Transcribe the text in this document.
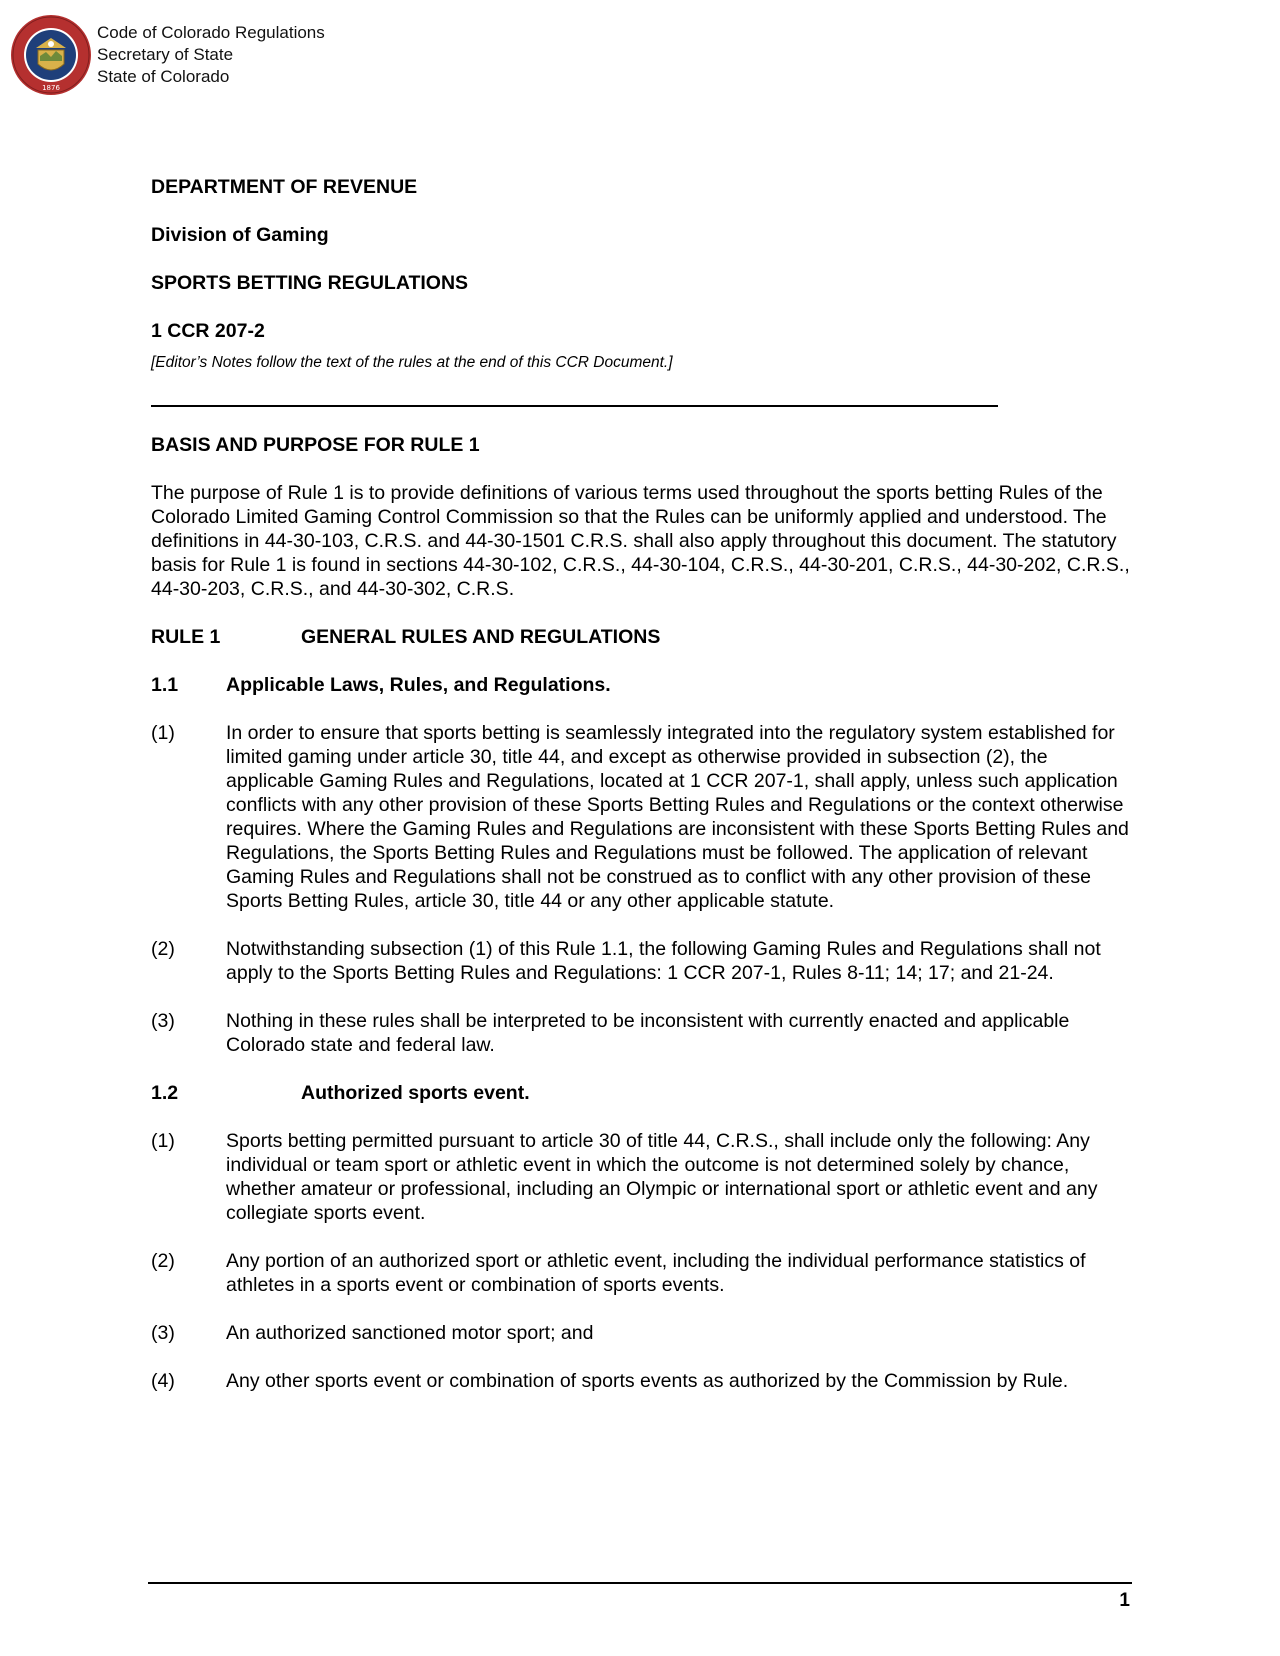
STATE OF COLORADO
1876
Code of Colorado Regulations
Secretary of State
State of Colorado

DEPARTMENT OF REVENUE

Division of Gaming

SPORTS BETTING REGULATIONS

1 CCR 207-2

[Editor’s Notes follow the text of the rules at the end of this CCR Document.]

BASIS AND PURPOSE FOR RULE 1

The purpose of Rule 1 is to provide definitions of various terms used throughout the sports betting Rules of the Colorado Limited Gaming Control Commission so that the Rules can be uniformly applied and understood. The definitions in 44-30-103, C.R.S. and 44-30-1501 C.R.S. shall also apply throughout this document. The statutory basis for Rule 1 is found in sections 44-30-102, C.R.S., 44-30-104, C.R.S., 44-30-201, C.R.S., 44-30-202, C.R.S., 44-30-203, C.R.S., and 44-30-302, C.R.S.

RULE 1	GENERAL RULES AND REGULATIONS
1.1	Applicable Laws, Rules, and Regulations.
(1)	In order to ensure that sports betting is seamlessly integrated into the regulatory system established for limited gaming under article 30, title 44, and except as otherwise provided in subsection (2), the applicable Gaming Rules and Regulations, located at 1 CCR 207-1, shall apply, unless such application conflicts with any other provision of these Sports Betting Rules and Regulations or the context otherwise requires. Where the Gaming Rules and Regulations are inconsistent with these Sports Betting Rules and Regulations, the Sports Betting Rules and Regulations must be followed. The application of relevant Gaming Rules and Regulations shall not be construed as to conflict with any other provision of these Sports Betting Rules, article 30, title 44 or any other applicable statute.
(2)	Notwithstanding subsection (1) of this Rule 1.1, the following Gaming Rules and Regulations shall not apply to the Sports Betting Rules and Regulations: 1 CCR 207-1, Rules 8-11; 14; 17; and 21-24.
(3)	Nothing in these rules shall be interpreted to be inconsistent with currently enacted and applicable Colorado state and federal law.
1.2	Authorized sports event.
(1)	Sports betting permitted pursuant to article 30 of title 44, C.R.S., shall include only the following: Any individual or team sport or athletic event in which the outcome is not determined solely by chance, whether amateur or professional, including an Olympic or international sport or athletic event and any collegiate sports event.
(2)	Any portion of an authorized sport or athletic event, including the individual performance statistics of athletes in a sports event or combination of sports events.
(3)	An authorized sanctioned motor sport; and
(4)	Any other sports event or combination of sports events as authorized by the Commission by Rule.
1
